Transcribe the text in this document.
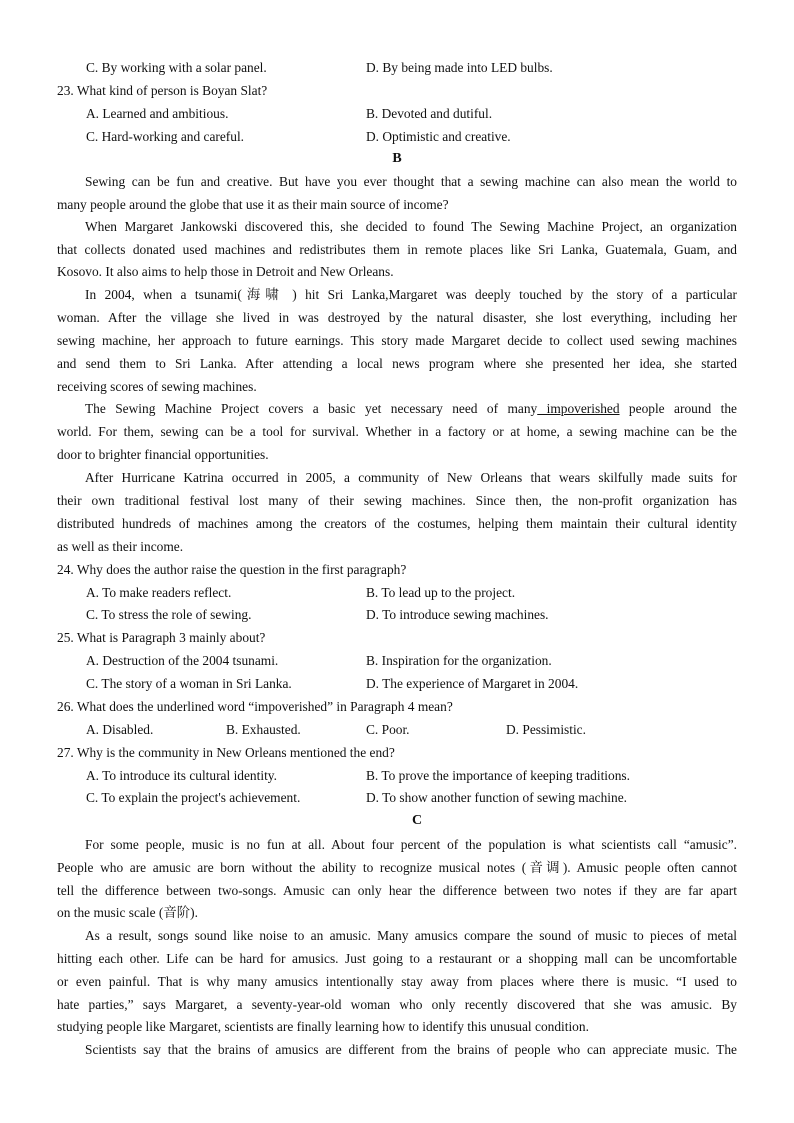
C. By working with a solar panel.	D. By being made into LED bulbs.
23. What kind of person is Boyan Slat?
A. Learned and ambitious.	B. Devoted and dutiful.
C. Hard-working and careful.	D. Optimistic and creative.
B
Sewing can be fun and creative. But have you ever thought that a sewing machine can also mean the world to
many people around the globe that use it as their main source of income?
When Margaret Jankowski discovered this, she decided to found The Sewing Machine Project, an organization
that collects donated used machines and redistributes them in remote places like Sri Lanka, Guatemala, Guam, and
Kosovo. It also aims to help those in Detroit and New Orleans.
In 2004, when a tsunami(海啸 ) hit Sri Lanka,Margaret was deeply touched by the story of a particular
woman. After the village she lived in was destroyed by the natural disaster, she lost everything, including her
sewing machine, her approach to future earnings. This story made Margaret decide to collect used sewing machines
and send them to Sri Lanka. After attending a local news program where she presented her idea, she started
receiving scores of sewing machines.
The Sewing Machine Project covers a basic yet necessary need of many impoverished people around the
world. For them, sewing can be a tool for survival. Whether in a factory or at home, a sewing machine can be the
door to brighter financial opportunities.
After Hurricane Katrina occurred in 2005, a community of New Orleans that wears skilfully made suits for
their own traditional festival lost many of their sewing machines. Since then, the non-profit organization has
distributed hundreds of machines among the creators of the costumes, helping them maintain their cultural identity
as well as their income.
24. Why does the author raise the question in the first paragraph?
A. To make readers reflect.	B. To lead up to the project.
C. To stress the role of sewing.	D. To introduce sewing machines.
25. What is Paragraph 3 mainly about?
A. Destruction of the 2004 tsunami.	B. Inspiration for the organization.
C. The story of a woman in Sri Lanka.	D. The experience of Margaret in 2004.
26. What does the underlined word “impoverished” in Paragraph 4 mean?
A. Disabled.	B. Exhausted.	C. Poor.	D. Pessimistic.
27. Why is the community in New Orleans mentioned the end?
A. To introduce its cultural identity.	B. To prove the importance of keeping traditions.
C. To explain the project's achievement.	D. To show another function of sewing machine.
C
For some people, music is no fun at all. About four percent of the population is what scientists call “amusic”.
People who are amusic are born without the ability to recognize musical notes (音调). Amusic people often cannot
tell the difference between two-songs. Amusic can only hear the difference between two notes if they are far apart
on the music scale (音阶).
As a result, songs sound like noise to an amusic. Many amusics compare the sound of music to pieces of metal
hitting each other. Life can be hard for amusics. Just going to a restaurant or a shopping mall can be uncomfortable
or even painful. That is why many amusics intentionally stay away from places where there is music. “I used to
hate parties,” says Margaret, a seventy-year-old woman who only recently discovered that she was amusic. By
studying people like Margaret, scientists are finally learning how to identify this unusual condition.
Scientists say that the brains of amusics are different from the brains of people who can appreciate music. The
